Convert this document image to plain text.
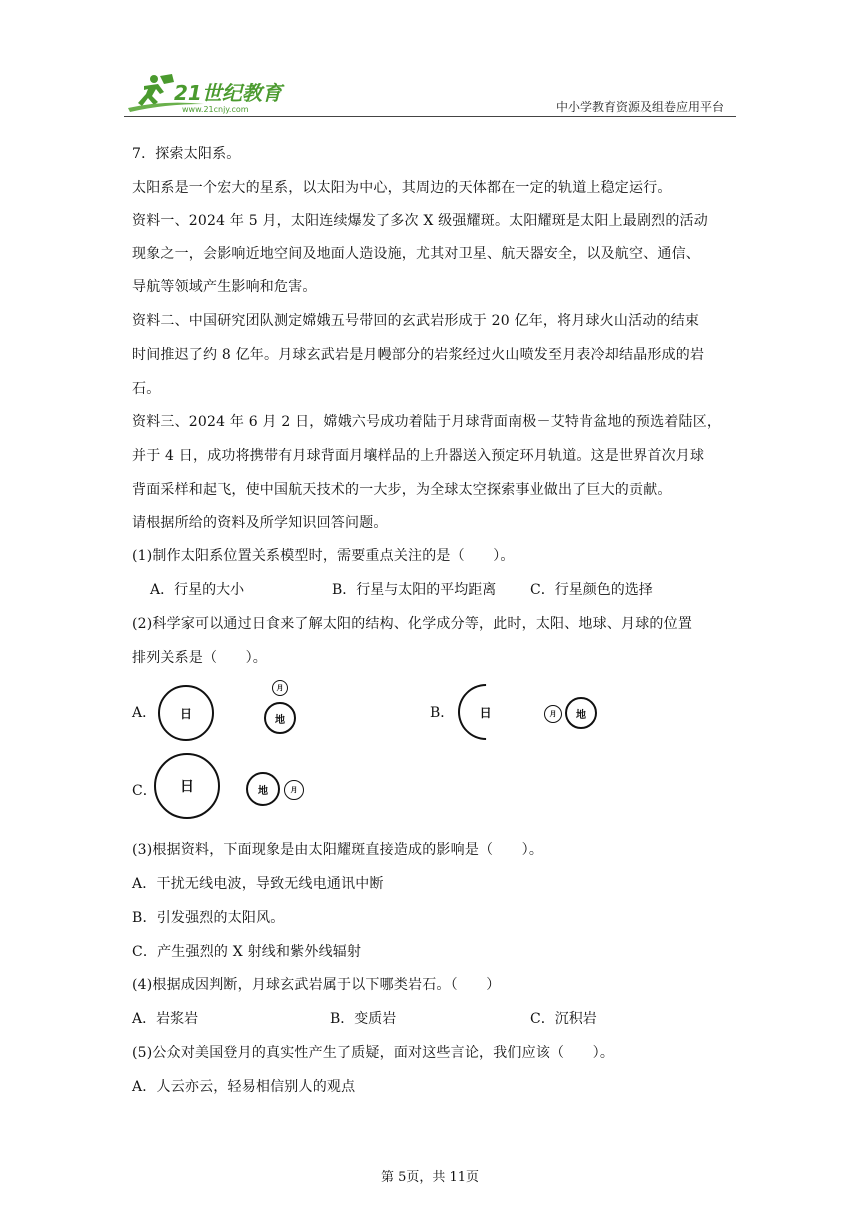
21世纪教育
www.21cnjy.com	中小学教育资源及组卷应用平台
7．探索太阳系。
太阳系是一个宏大的星系，以太阳为中心，其周边的天体都在一定的轨道上稳定运行。
资料一、2024 年 5 月，太阳连续爆发了多次 X 级强耀斑。太阳耀斑是太阳上最剧烈的活动
现象之一，会影响近地空间及地面人造设施，尤其对卫星、航天器安全，以及航空、通信、
导航等领域产生影响和危害。
资料二、中国研究团队测定嫦娥五号带回的玄武岩形成于 20 亿年，将月球火山活动的结束
时间推迟了约 8 亿年。月球玄武岩是月幔部分的岩浆经过火山喷发至月表冷却结晶形成的岩
石。
资料三、2024 年 6 月 2 日，嫦娥六号成功着陆于月球背面南极－艾特肯盆地的预选着陆区，
并于 4 日，成功将携带有月球背面月壤样品的上升器送入预定环月轨道。这是世界首次月球
背面采样和起飞，使中国航天技术的一大步，为全球太空探索事业做出了巨大的贡献。
请根据所给的资料及所学知识回答问题。
(1)制作太阳系位置关系模型时，需要重点关注的是（　　）。
A．行星的大小	B．行星与太阳的平均距离 C．行星颜色的选择
(2)科学家可以通过日食来了解太阳的结构、化学成分等，此时，太阳、地球、月球的位置
排列关系是（　　）。
A．	日
月
地	B． 日	月	地
C．	日	地	月
(3)根据资料，下面现象是由太阳耀斑直接造成的影响是（　　）。
A．干扰无线电波，导致无线电通讯中断
B．引发强烈的太阳风。
C．产生强烈的 X 射线和紫外线辐射
(4)根据成因判断，月球玄武岩属于以下哪类岩石。（　　）
A．岩浆岩	B．变质岩	C．沉积岩
(5)公众对美国登月的真实性产生了质疑，面对这些言论，我们应该（　　）。
A．人云亦云，轻易相信别人的观点
第 5页，共 11页
